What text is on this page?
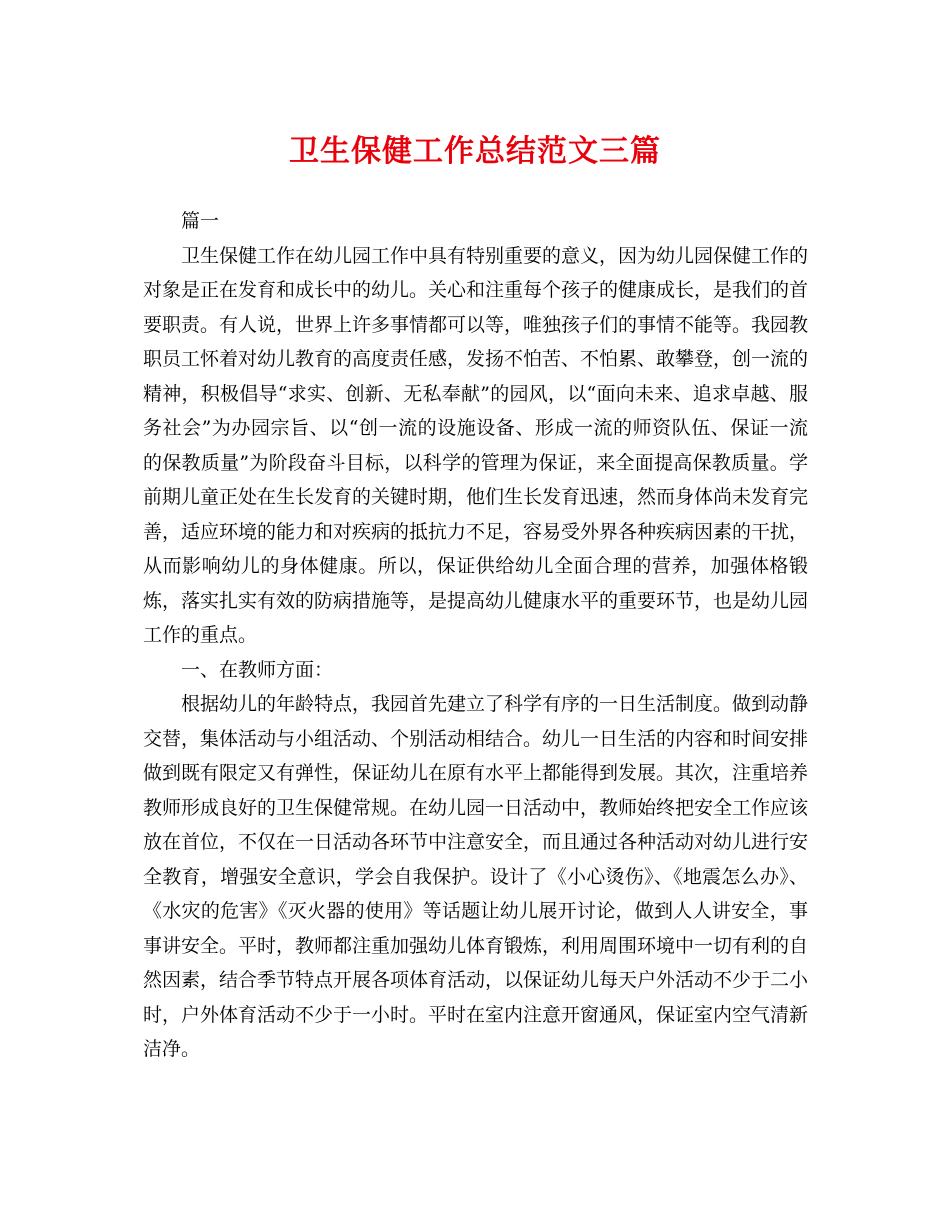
卫生保健工作总结范文三篇

篇一

卫生保健工作在幼儿园工作中具有特别重要的意义，因为幼儿园保健工作的对象是正在发育和成长中的幼儿。关心和注重每个孩子的健康成长，是我们的首要职责。有人说，世界上许多事情都可以等，唯独孩子们的事情不能等。我园教职员工怀着对幼儿教育的高度责任感，发扬不怕苦、不怕累、敢攀登，创一流的精神，积极倡导“求实、创新、无私奉献”的园风，以“面向未来、追求卓越、服务社会”为办园宗旨、以“创一流的设施设备、形成一流的师资队伍、保证一流的保教质量”为阶段奋斗目标，以科学的管理为保证，来全面提高保教质量。学前期儿童正处在生长发育的关键时期，他们生长发育迅速，然而身体尚未发育完善，适应环境的能力和对疾病的抵抗力不足，容易受外界各种疾病因素的干扰，从而影响幼儿的身体健康。所以，保证供给幼儿全面合理的营养，加强体格锻炼，落实扎实有效的防病措施等，是提高幼儿健康水平的重要环节，也是幼儿园工作的重点。

一、在教师方面：

根据幼儿的年龄特点，我园首先建立了科学有序的一日生活制度。做到动静交替，集体活动与小组活动、个别活动相结合。幼儿一日生活的内容和时间安排做到既有限定又有弹性，保证幼儿在原有水平上都能得到发展。其次，注重培养教师形成良好的卫生保健常规。在幼儿园一日活动中，教师始终把安全工作应该放在首位，不仅在一日活动各环节中注意安全，而且通过各种活动对幼儿进行安全教育，增强安全意识，学会自我保护。设计了《小心烫伤》、《地震怎么办》、《水灾的危害》《灭火器的使用》等话题让幼儿展开讨论，做到人人讲安全，事事讲安全。平时，教师都注重加强幼儿体育锻炼，利用周围环境中一切有利的自然因素，结合季节特点开展各项体育活动，以保证幼儿每天户外活动不少于二小时，户外体育活动不少于一小时。平时在室内注意开窗通风，保证室内空气清新洁净。
